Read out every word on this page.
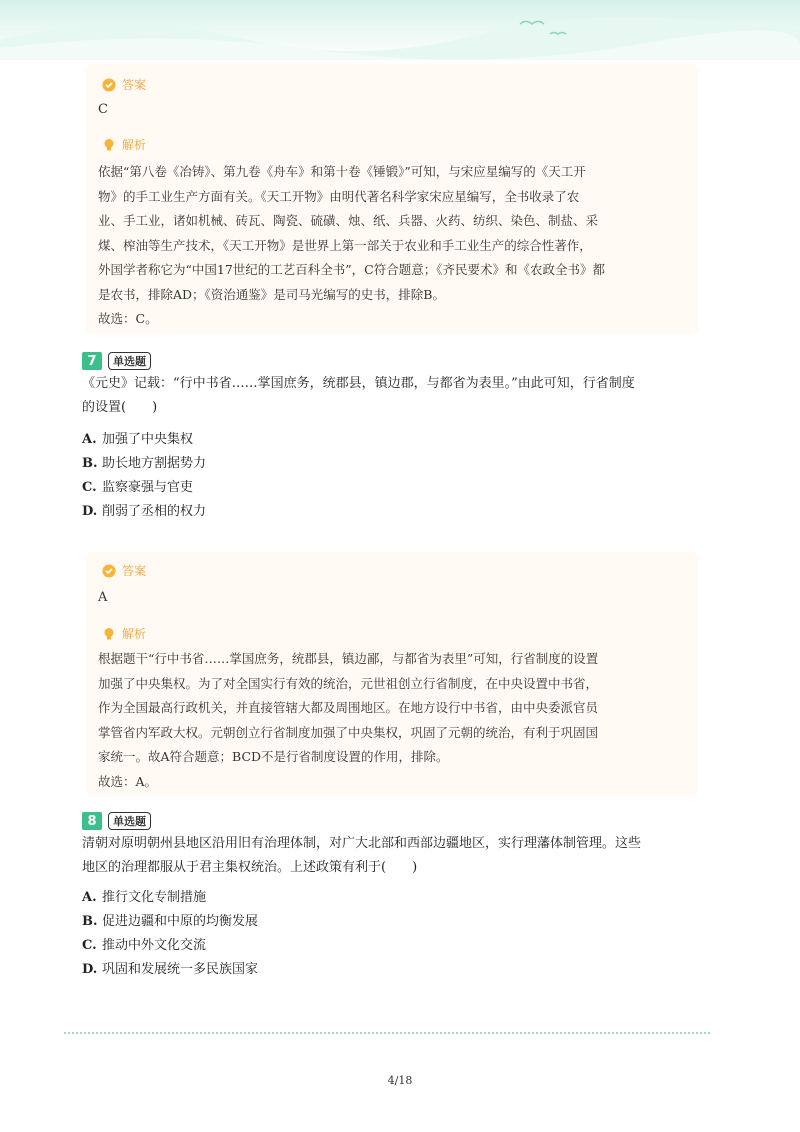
答案
C
解析
依据“第八卷《冶铸》、第九卷《舟车》和第十卷《锤锻》”可知，与宋应星编写的《天工开
物》的手工业生产方面有关。《天工开物》由明代著名科学家宋应星编写，全书收录了农
业、手工业，诸如机械、砖瓦、陶瓷、硫磺、烛、纸、兵器、火药、纺织、染色、制盐、采
煤、榨油等生产技术，《天工开物》是世界上第一部关于农业和手工业生产的综合性著作，
外国学者称它为“中国17世纪的工艺百科全书”，C符合题意；《齐民要术》和《农政全书》都
是农书，排除AD；《资治通鉴》是司马光编写的史书，排除B。
故选：C。
7	单选题
《元史》记载：“行中书省……掌国庶务，统郡县，镇边郡，与都省为表里。”由此可知，行省制度
的设置(　　)
A. 加强了中央集权
B. 助长地方割据势力
C. 监察豪强与官吏
D. 削弱了丞相的权力
答案
A
解析
根据题干“行中书省……掌国庶务，统郡县，镇边鄙，与都省为表里”可知，行省制度的设置
加强了中央集权。为了对全国实行有效的统治，元世祖创立行省制度，在中央设置中书省，
作为全国最高行政机关，并直接管辖大都及周围地区。在地方设行中书省，由中央委派官员
掌管省内军政大权。元朝创立行省制度加强了中央集权，巩固了元朝的统治，有利于巩固国
家统一。故A符合题意；BCD不是行省制度设置的作用，排除。
故选：A。
8	单选题
清朝对原明朝州县地区沿用旧有治理体制，对广大北部和西部边疆地区，实行理藩体制管理。这些
地区的治理都服从于君主集权统治。上述政策有利于(　　)
A. 推行文化专制措施
B. 促进边疆和中原的均衡发展
C. 推动中外文化交流
D. 巩固和发展统一多民族国家
4/18
